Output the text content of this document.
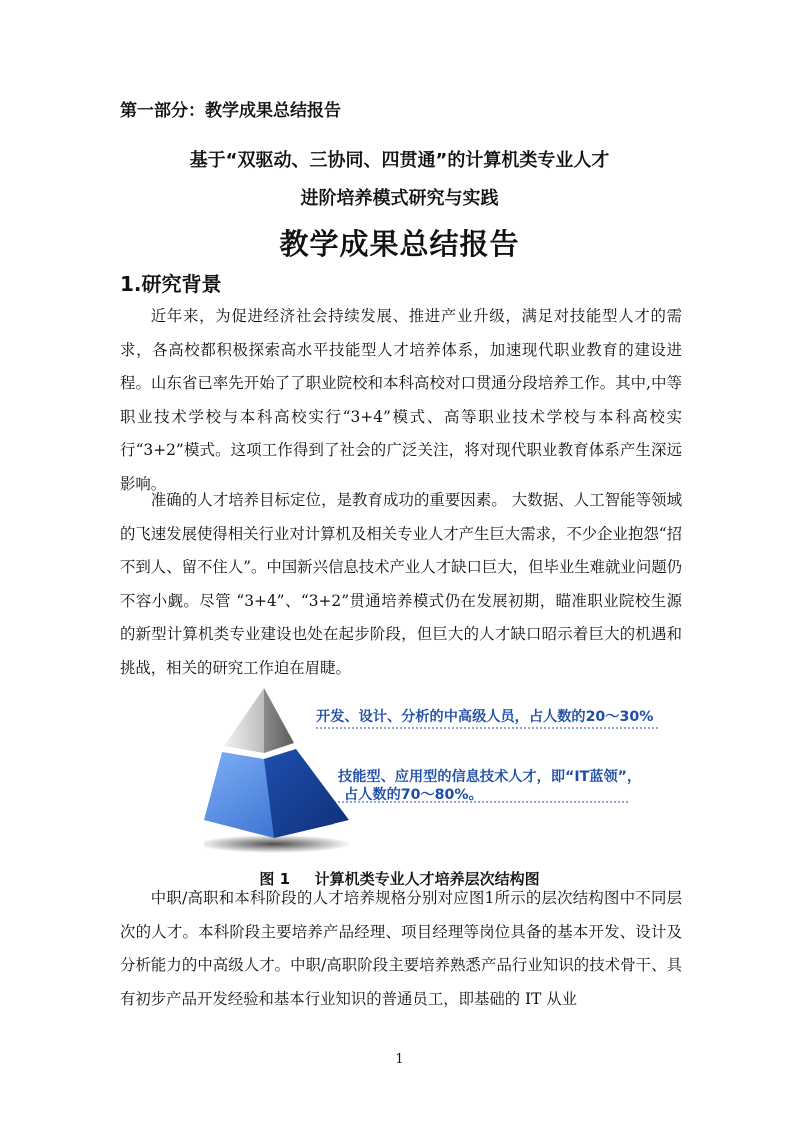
第一部分：教学成果总结报告
基于“双驱动、三协同、四贯通”的计算机类专业人才
进阶培养模式研究与实践
教学成果总结报告
1.研究背景

近年来，为促进经济社会持续发展、推进产业升级，满足对技能型人才的需求，各高校都积极探索高水平技能型人才培养体系，加速现代职业教育的建设进程。山东省已率先开始了了职业院校和本科高校对口贯通分段培养工作。其中,中等职业技术学校与本科高校实行“3+4”模式、高等职业技术学校与本科高校实行“3+2”模式。这项工作得到了社会的广泛关注，将对现代职业教育体系产生深远影响。

准确的人才培养目标定位，是教育成功的重要因素。 大数据、人工智能等领域的飞速发展使得相关行业对计算机及相关专业人才产生巨大需求，不少企业抱怨“招不到人、留不住人”。中国新兴信息技术产业人才缺口巨大，但毕业生难就业问题仍不容小觑。尽管 “3+4”、“3+2”贯通培养模式仍在发展初期，瞄准职业院校生源的新型计算机类专业建设也处在起步阶段，但巨大的人才缺口昭示着巨大的机遇和挑战，相关的研究工作迫在眉睫。

开发、设计、分析的中高级人员，占人数的20～30%
技能型、应用型的信息技术人才，即“IT蓝领”，
占人数的70～80%。
图 1 计算机类专业人才培养层次结构图

中职/高职和本科阶段的人才培养规格分别对应图1所示的层次结构图中不同层次的人才。本科阶段主要培养产品经理、项目经理等岗位具备的基本开发、设计及分析能力的中高级人才。中职/高职阶段主要培养熟悉产品行业知识的技术骨干、具有初步产品开发经验和基本行业知识的普通员工，即基础的 IT 从业

1
